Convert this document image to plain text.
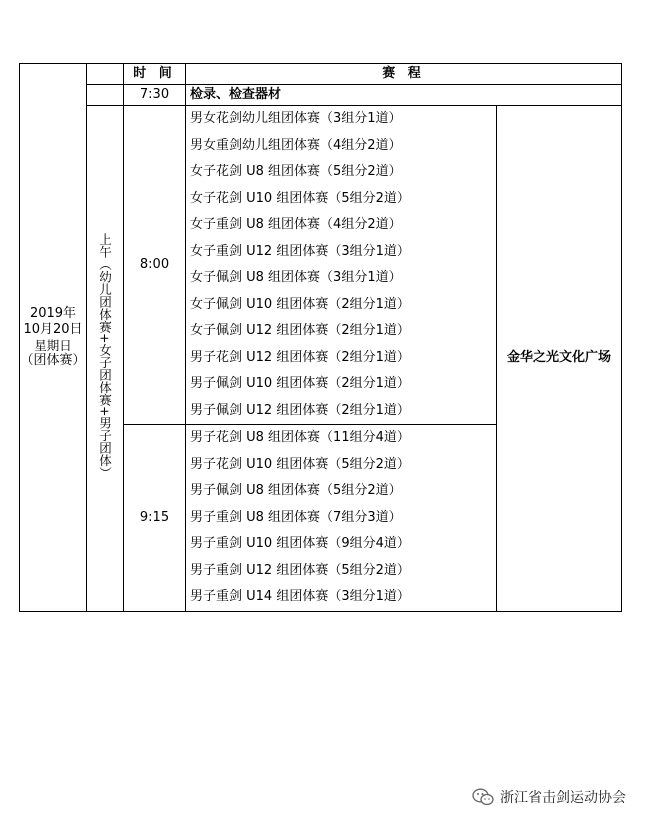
2019年
10月20日
星期日
（团体赛）		时 间	赛 程	
		7:30	检录、检查器材	
	上午（幼儿团体赛+女子团体赛+男子团体）	8:00	男女花剑幼儿组团体赛（3组分1道）	金华之光文化广场
			男女重剑幼儿组团体赛（4组分2道）	
			女子花剑 U8 组团体赛（5组分2道）	
			女子花剑 U10 组团体赛（5组分2道）	
			女子重剑 U8 组团体赛（4组分2道）	
			女子重剑 U12 组团体赛（3组分1道）	
			女子佩剑 U8 组团体赛（3组分1道）	
			女子佩剑 U10 组团体赛（2组分1道）	
			女子佩剑 U12 组团体赛（2组分1道）	
			男子花剑 U12 组团体赛（2组分1道）	
			男子佩剑 U10 组团体赛（2组分1道）	
			男子佩剑 U12 组团体赛（2组分1道）	
		9:15	男子花剑 U8 组团体赛（11组分4道）	
			男子花剑 U10 组团体赛（5组分2道）	
			男子佩剑 U8 组团体赛（5组分2道）	
			男子重剑 U8 组团体赛（7组分3道）	
			男子重剑 U10 组团体赛（9组分4道）	
			男子重剑 U12 组团体赛（5组分2道）	
			男子重剑 U14 组团体赛（3组分1道）	
浙江省击剑运动协会
